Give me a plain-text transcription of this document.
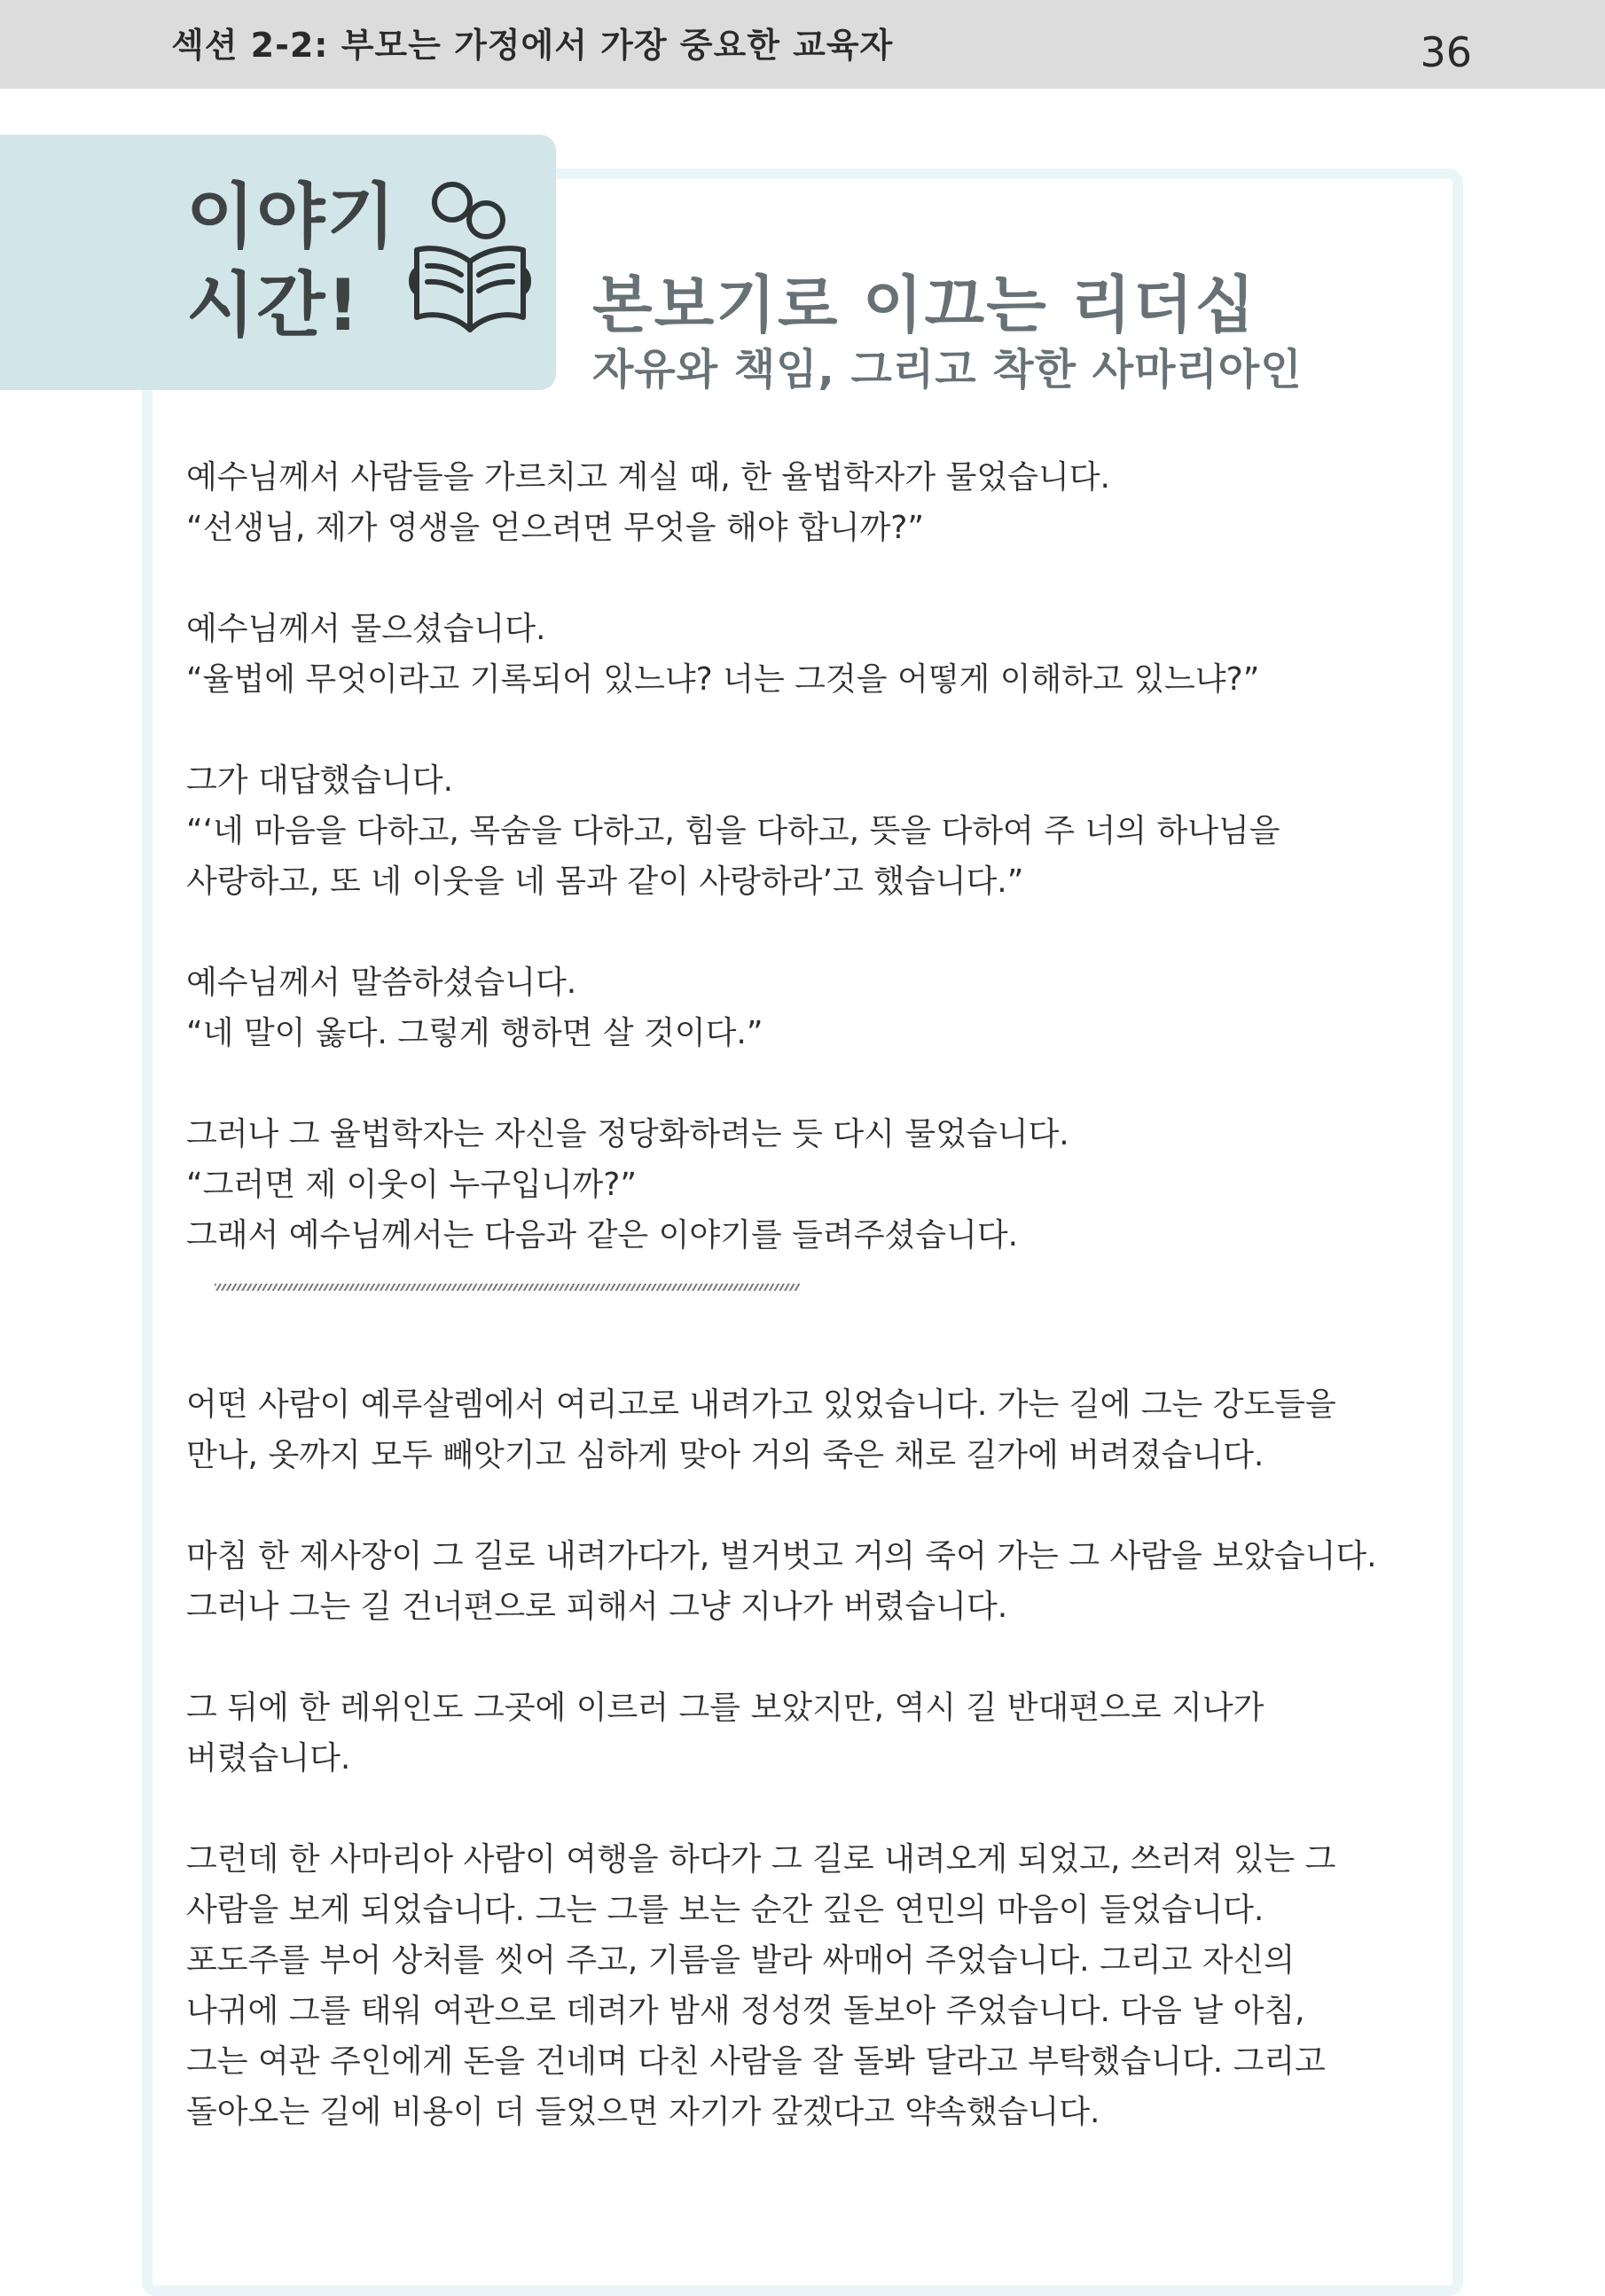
섹션 2-2: 부모는 가정에서 가장 중요한 교육자	36
이야기
시간!	본보기로 이끄는 리더십
자유와 책임, 그리고 착한 사마리아인

예수님께서 사람들을 가르치고 계실 때, 한 율법학자가 물었습니다.
“선생님, 제가 영생을 얻으려면 무엇을 해야 합니까?”

예수님께서 물으셨습니다.
“율법에 무엇이라고 기록되어 있느냐? 너는 그것을 어떻게 이해하고 있느냐?”

그가 대답했습니다.
“‘네 마음을 다하고, 목숨을 다하고, 힘을 다하고, 뜻을 다하여 주 너의 하나님을
사랑하고, 또 네 이웃을 네 몸과 같이 사랑하라’고 했습니다.”

예수님께서 말씀하셨습니다.
“네 말이 옳다. 그렇게 행하면 살 것이다.”

그러나 그 율법학자는 자신을 정당화하려는 듯 다시 물었습니다.
“그러면 제 이웃이 누구입니까?”
그래서 예수님께서는 다음과 같은 이야기를 들려주셨습니다.

어떤 사람이 예루살렘에서 여리고로 내려가고 있었습니다. 가는 길에 그는 강도들을
만나, 옷까지 모두 빼앗기고 심하게 맞아 거의 죽은 채로 길가에 버려졌습니다.

마침 한 제사장이 그 길로 내려가다가, 벌거벗고 거의 죽어 가는 그 사람을 보았습니다.
그러나 그는 길 건너편으로 피해서 그냥 지나가 버렸습니다.

그 뒤에 한 레위인도 그곳에 이르러 그를 보았지만, 역시 길 반대편으로 지나가
버렸습니다.

그런데 한 사마리아 사람이 여행을 하다가 그 길로 내려오게 되었고, 쓰러져 있는 그
사람을 보게 되었습니다. 그는 그를 보는 순간 깊은 연민의 마음이 들었습니다.
포도주를 부어 상처를 씻어 주고, 기름을 발라 싸매어 주었습니다. 그리고 자신의
나귀에 그를 태워 여관으로 데려가 밤새 정성껏 돌보아 주었습니다. 다음 날 아침,
그는 여관 주인에게 돈을 건네며 다친 사람을 잘 돌봐 달라고 부탁했습니다. 그리고
돌아오는 길에 비용이 더 들었으면 자기가 갚겠다고 약속했습니다.
